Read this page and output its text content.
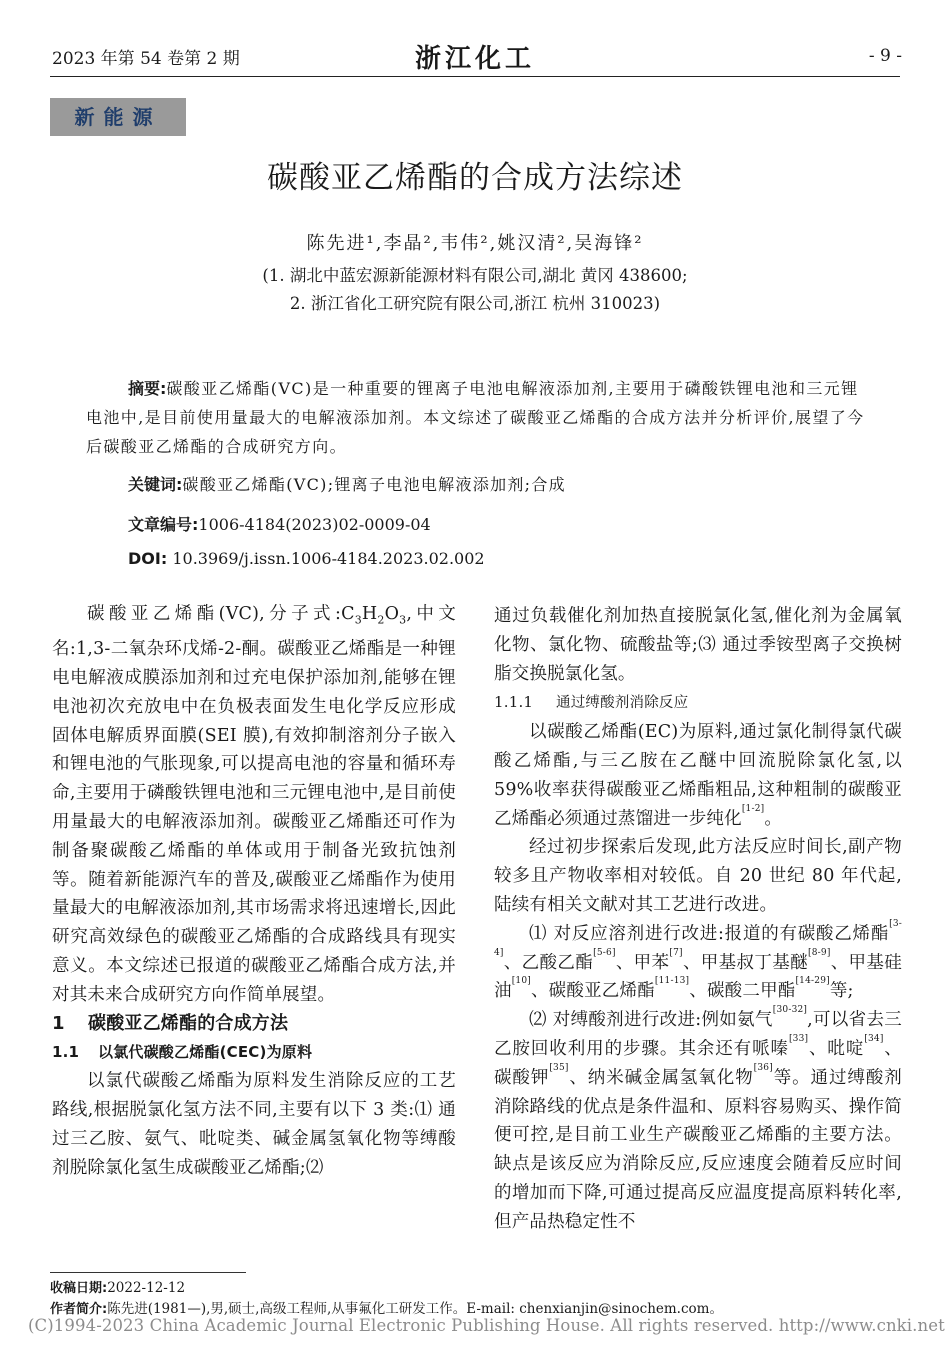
2023 年第 54 卷第 2 期	浙江化工	- 9 -
新能源
碳酸亚乙烯酯的合成方法综述
陈先进¹,李晶²,韦伟²,姚汉清²,吴海锋²
(1. 湖北中蓝宏源新能源材料有限公司,湖北 黄冈 438600;
2. 浙江省化工研究院有限公司,浙江 杭州 310023)
摘要:碳酸亚乙烯酯(VC)是一种重要的锂离子电池电解液添加剂,主要用于磷酸铁锂电池和三元锂电池中,是目前使用量最大的电解液添加剂。本文综述了碳酸亚乙烯酯的合成方法并分析评价,展望了今后碳酸亚乙烯酯的合成研究方向。
关键词:碳酸亚乙烯酯(VC);锂离子电池电解液添加剂;合成
文章编号:1006-4184(2023)02-0009-04
DOI: 10.3969/j.issn.1006-4184.2023.02.002

碳酸亚乙烯酯(VC),分子式$:C_3H_2O_3$,中文名:1,3-二氧杂环戊烯-2-酮。碳酸亚乙烯酯是一种锂电电解液成膜添加剂和过充电保护添加剂,能够在锂电池初次充放电中在负极表面发生电化学反应形成固体电解质界面膜(SEI 膜),有效抑制溶剂分子嵌入和锂电池的气胀现象,可以提高电池的容量和循环寿命,主要用于磷酸铁锂电池和三元锂电池中,是目前使用量最大的电解液添加剂。碳酸亚乙烯酯还可作为制备聚碳酸乙烯酯的单体或用于制备光致抗蚀剂等。随着新能源汽车的普及,碳酸亚乙烯酯作为使用量最大的电解液添加剂,其市场需求将迅速增长,因此研究高效绿色的碳酸亚乙烯酯的合成路线具有现实意义。本文综述已报道的碳酸亚乙烯酯合成方法,并对其未来合成研究方向作简单展望。

1 碳酸亚乙烯酯的合成方法

1.1 以氯代碳酸乙烯酯(CEC)为原料

以氯代碳酸乙烯酯为原料发生消除反应的工艺路线,根据脱氯化氢方法不同,主要有以下 3 类:⑴ 通过三乙胺、氨气、吡啶类、碱金属氢氧化物等缚酸剂脱除氯化氢生成碳酸亚乙烯酯;⑵

通过负载催化剂加热直接脱氯化氢,催化剂为金属氧化物、氯化物、硫酸盐等;⑶ 通过季铵型离子交换树脂交换脱氯化氢。

1.1.1 通过缚酸剂消除反应

以碳酸乙烯酯(EC)为原料,通过氯化制得氯代碳酸乙烯酯,与三乙胺在乙醚中回流脱除氯化氢,以 59%收率获得碳酸亚乙烯酯粗品,这种粗制的碳酸亚乙烯酯必须通过蒸馏进一步纯化[1-2]。

经过初步探索后发现,此方法反应时间长,副产物较多且产物收率相对较低。自 20 世纪 80 年代起,陆续有相关文献对其工艺进行改进。

⑴ 对反应溶剂进行改进:报道的有碳酸乙烯酯[3-4]、乙酸乙酯[5-6]、甲苯[7]、甲基叔丁基醚[8-9]、甲基硅油[10]、碳酸亚乙烯酯[11-13]、碳酸二甲酯[14-29]等;

⑵ 对缚酸剂进行改进:例如氨气[30-32],可以省去三乙胺回收利用的步骤。其余还有哌嗪[33]、吡啶[34]、碳酸钾[35]、纳米碱金属氢氧化物[36]等。通过缚酸剂消除路线的优点是条件温和、原料容易购买、操作简便可控,是目前工业生产碳酸亚乙烯酯的主要方法。缺点是该反应为消除反应,反应速度会随着反应时间的增加而下降,可通过提高反应温度提高原料转化率,但产品热稳定性不

收稿日期:2022-12-12
作者简介:陈先进(1981—),男,硕士,高级工程师,从事氟化工研发工作。E-mail: chenxianjin@sinochem.com。
(C)1994-2023 China Academic Journal Electronic Publishing House. All rights reserved. http://www.cnki.net
